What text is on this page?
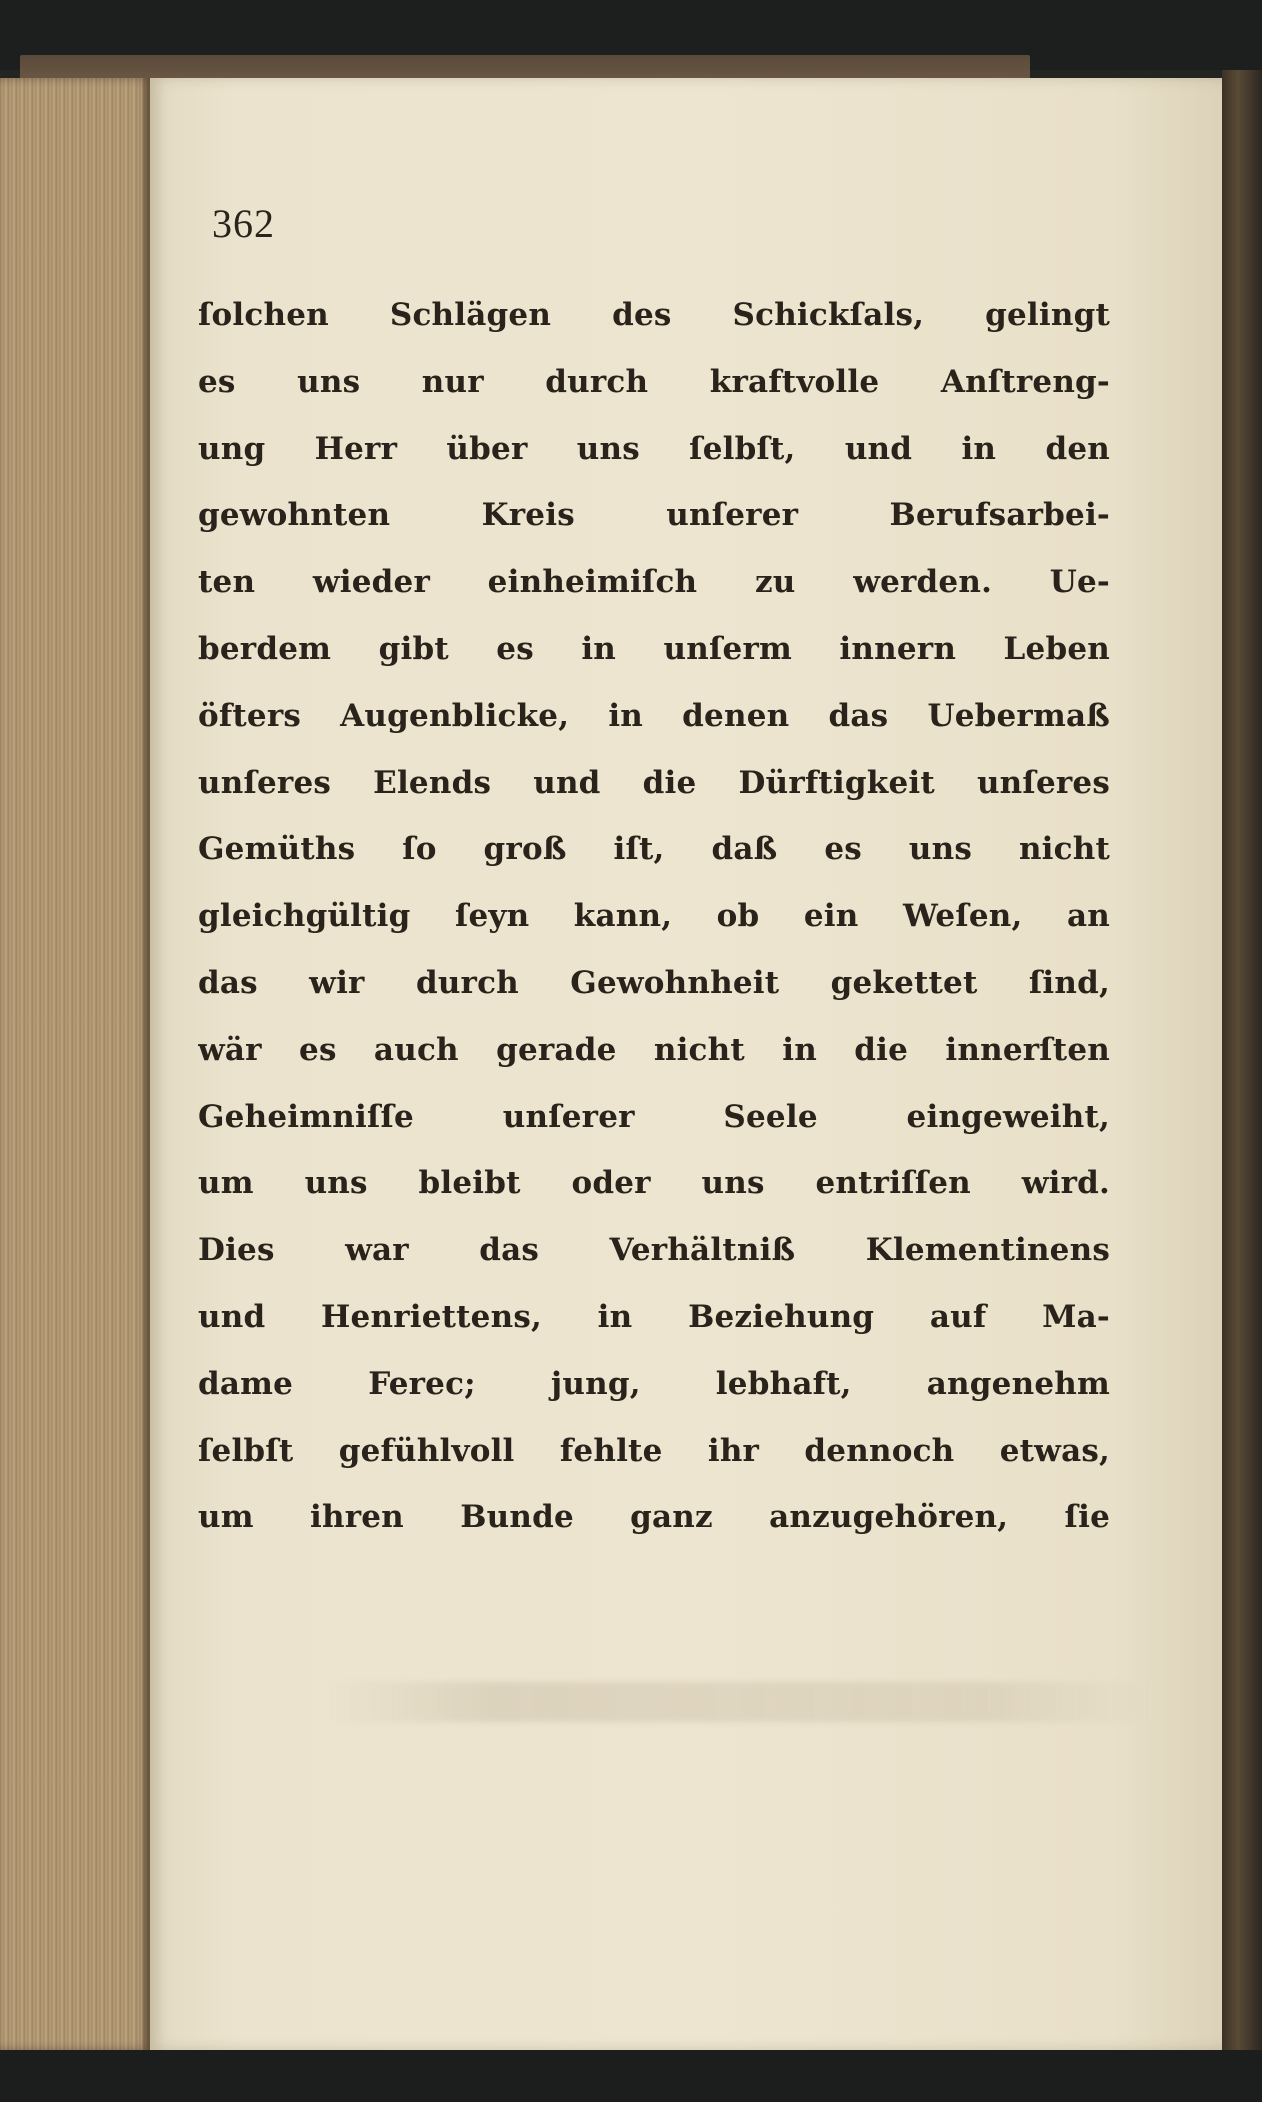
362
ſolchen Schlägen des Schickſals, gelingt
es uns nur durch kraftvolle Anſtreng-
ung Herr über uns ſelbſt, und in den
gewohnten Kreis unſerer Berufsarbei-
ten wieder einheimiſch zu werden. Ue-
berdem gibt es in unſerm innern Leben
öfters Augenblicke, in denen das Uebermaß
unſeres Elends und die Dürftigkeit unſeres
Gemüths ſo groß iſt, daß es uns nicht
gleichgültig ſeyn kann, ob ein Weſen, an
das wir durch Gewohnheit gekettet ſind,
wär es auch gerade nicht in die innerſten
Geheimniſſe unſerer Seele eingeweiht,
um uns bleibt oder uns entriſſen wird.
Dies war das Verhältniß Klementinens
und Henriettens, in Beziehung auf Ma-
dame Ferec; jung, lebhaft, angenehm
ſelbſt gefühlvoll fehlte ihr dennoch etwas,
um ihren Bunde ganz anzugehören, ſie
